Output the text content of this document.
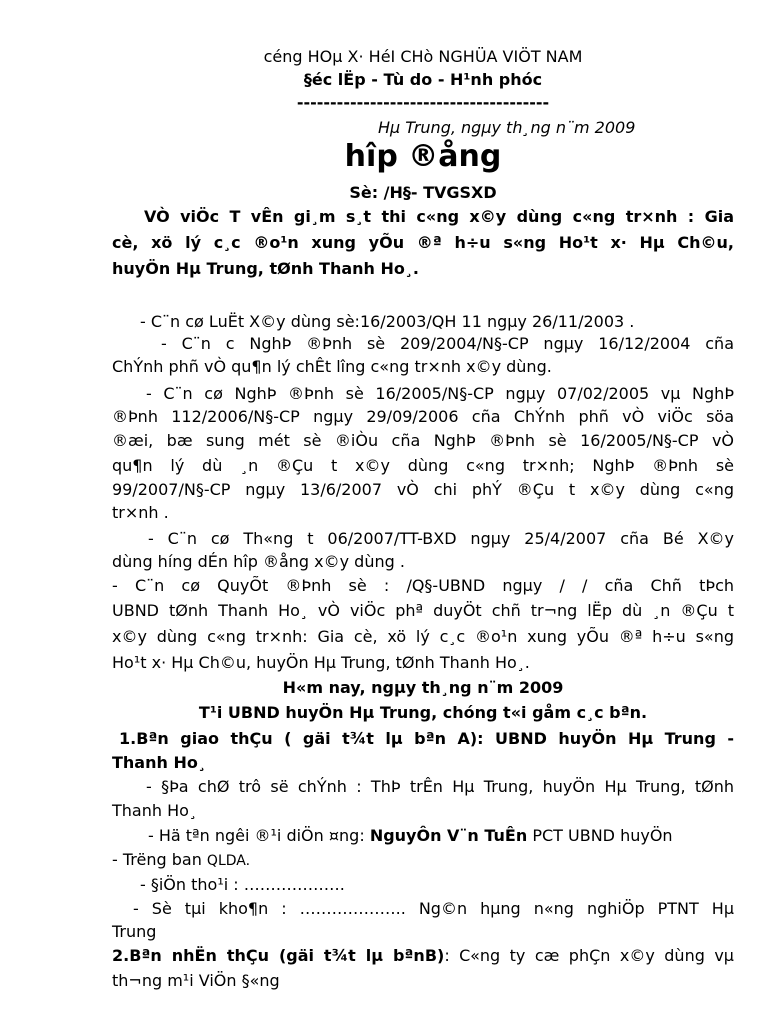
céng HOµ X· HéI CHò NGHÜA VIÖT NAM
§éc lËp - Tù do - H¹nh phóc
--------------------------------------
Hµ Trung, ngµy th¸ng n¨m 2009
hîp ®ång
Sè: /H§- TVGSXD
VÒ viÖc T vÊn gi¸m s¸t thi c«ng x©y dùng c«ng tr×nh : Gia
cè, xö lý c¸c ®o¹n xung yÕu ®ª h÷u s«ng Ho¹t x· Hµ Ch©u,
huyÖn Hµ Trung, tØnh Thanh Ho¸.
- C¨n cø LuËt X©y dùng sè:16/2003/QH 11 ngµy 26/11/2003 .
- C¨n c NghÞ ®Þnh sè 209/2004/N§-CP ngµy 16/12/2004 cña
ChÝnh phñ vÒ qu¶n lý chÊt lîng c«ng tr×nh x©y dùng.
- C¨n cø NghÞ ®Þnh sè 16/2005/N§-CP ngµy 07/02/2005 vµ NghÞ
®Þnh 112/2006/N§-CP ngµy 29/09/2006 cña ChÝnh phñ vÒ viÖc söa
®æi, bæ sung mét sè ®iÒu cña NghÞ ®Þnh sè 16/2005/N§-CP vÒ
qu¶n lý dù ¸n ®Çu t x©y dùng c«ng tr×nh; NghÞ ®Þnh sè
99/2007/N§-CP ngµy 13/6/2007 vÒ chi phÝ ®Çu t x©y dùng c«ng
tr×nh .
- C¨n cø Th«ng t 06/2007/TT-BXD ngµy 25/4/2007 cña Bé X©y
dùng híng dÉn hîp ®ång x©y dùng .
- C¨n cø QuyÕt ®Þnh sè : /Q§-UBND ngµy / / cña Chñ tÞch
UBND tØnh Thanh Ho¸ vÒ viÖc phª duyÖt chñ tr¬ng lËp dù ¸n ®Çu t
x©y dùng c«ng tr×nh: Gia cè, xö lý c¸c ®o¹n xung yÕu ®ª h÷u s«ng
Ho¹t x· Hµ Ch©u, huyÖn Hµ Trung, tØnh Thanh Ho¸.
H«m nay, ngµy th¸ng n¨m 2009
T¹i UBND huyÖn Hµ Trung, chóng t«i gåm c¸c bªn.
1.Bªn giao thÇu ( gäi t¾t lµ bªn A): UBND huyÖn Hµ Trung -
Thanh Ho¸
- §Þa chØ trô së chÝnh : ThÞ trÊn Hµ Trung, huyÖn Hµ Trung, tØnh
Thanh Ho¸
- Hä tªn ngêi ®¹i diÖn ¤ng: NguyÔn V¨n TuÊn PCT UBND huyÖn
- Trëng ban QLDA.
- §iÖn tho¹i : ……………….
- Sè tµi kho¶n : ……………….. Ng©n hµng n«ng nghiÖp PTNT Hµ
Trung
2.Bªn nhËn thÇu (gäi t¾t lµ bªnB): C«ng ty cæ phÇn x©y dùng vµ
th¬ng m¹i ViÖn §«ng
